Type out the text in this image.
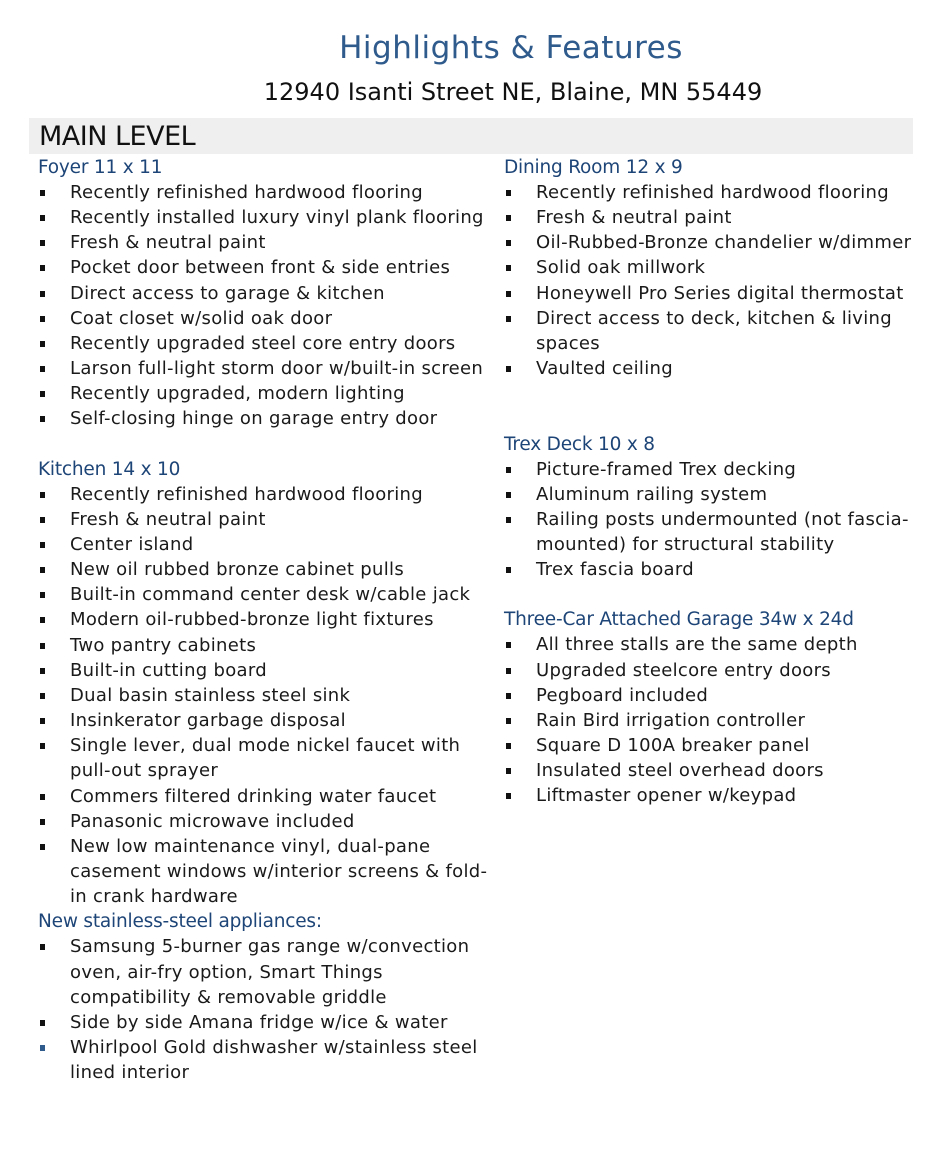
Highlights & Features
12940 Isanti Street NE, Blaine, MN 55449
MAIN LEVEL
Foyer 11 x 11
Recently refinished hardwood flooring
Recently installed luxury vinyl plank flooring
Fresh & neutral paint
Pocket door between front & side entries
Direct access to garage & kitchen
Coat closet w/solid oak door
Recently upgraded steel core entry doors
Larson full-light storm door w/built-in screen
Recently upgraded, modern lighting
Self-closing hinge on garage entry door
Kitchen 14 x 10
Recently refinished hardwood flooring
Fresh & neutral paint
Center island
New oil rubbed bronze cabinet pulls
Built-in command center desk w/cable jack
Modern oil-rubbed-bronze light fixtures
Two pantry cabinets
Built-in cutting board
Dual basin stainless steel sink
Insinkerator garbage disposal
Single lever, dual mode nickel faucet with pull-out sprayer
Commers filtered drinking water faucet
Panasonic microwave included
New low maintenance vinyl, dual-pane casement windows w/interior screens & fold-in crank hardware
New stainless-steel appliances:
Samsung 5-burner gas range w/convection oven, air-fry option, Smart Things compatibility & removable griddle
Side by side Amana fridge w/ice & water
Whirlpool Gold dishwasher w/stainless steel lined interior
Dining Room 12 x 9
Recently refinished hardwood flooring
Fresh & neutral paint
Oil-Rubbed-Bronze chandelier w/dimmer
Solid oak millwork
Honeywell Pro Series digital thermostat
Direct access to deck, kitchen & living spaces
Vaulted ceiling
Trex Deck 10 x 8
Picture-framed Trex decking
Aluminum railing system
Railing posts undermounted (not fascia-mounted) for structural stability
Trex fascia board
Three-Car Attached Garage 34w x 24d
All three stalls are the same depth
Upgraded steelcore entry doors
Pegboard included
Rain Bird irrigation controller
Square D 100A breaker panel
Insulated steel overhead doors
Liftmaster opener w/keypad
